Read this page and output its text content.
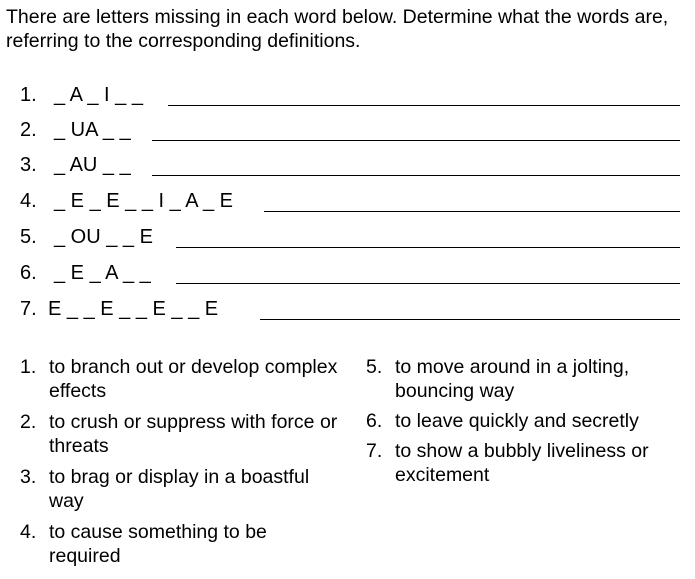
There are letters missing in each word below. Determine what the words are, referring to the corresponding definitions.

1. _ A _ I _ _
2. _ UA _ _
3. _ AU _ _
4. _ E _ E _ _ I _ A _ E
5. _ OU _ _ E
6. _ E _ A _ _
7. E _ _ E _ _ E _ _ E
1. to branch out or develop complex effects
2. to crush or suppress with force or threats
3. to brag or display in a boastful way
4. to cause something to be required
5. to move around in a jolting, bouncing way
6. to leave quickly and secretly
7. to show a bubbly liveliness or excitement
